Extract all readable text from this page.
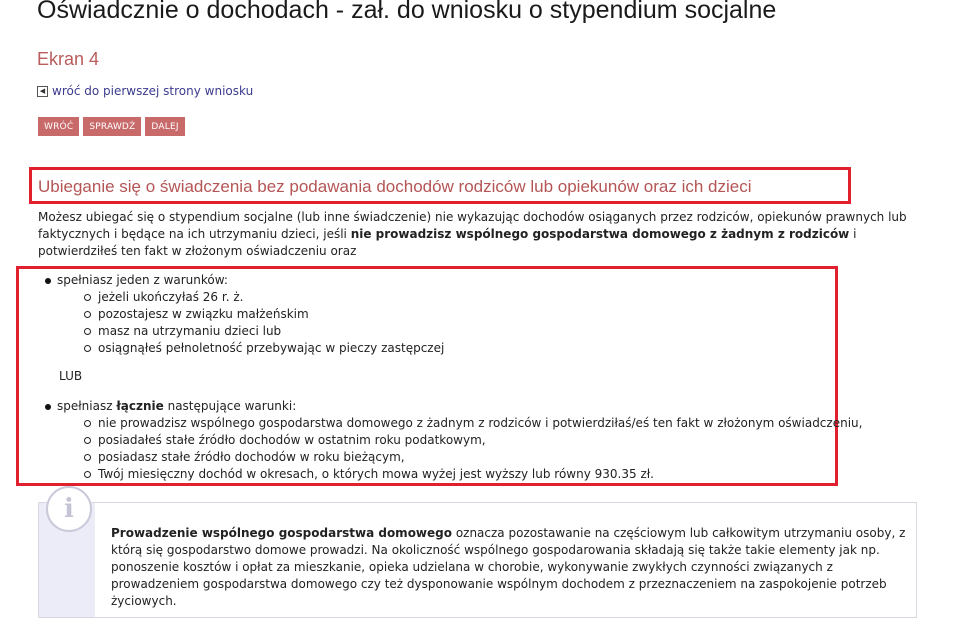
Oświadcznie o dochodach - zał. do wniosku o stypendium socjalne
Ekran 4
◀ wróć do pierwszej strony wniosku
WRÓĆ	SPRAWDŹ	DALEJ
Ubieganie się o świadczenia bez podawania dochodów rodziców lub opiekunów oraz ich dzieci

Możesz ubiegać się o stypendium socjalne (lub inne świadczenie) nie wykazując dochodów osiąganych przez rodziców, opiekunów prawnych lub faktycznych i będące na ich utrzymaniu dzieci, jeśli nie prowadzisz wspólnego gospodarstwa domowego z żadnym z rodziców i potwierdziłeś ten fakt w złożonym oświadczeniu oraz

spełniasz jeden z warunków:
jeżeli ukończyłaś 26 r. ż.
pozostajesz w związku małżeńskim
masz na utrzymaniu dzieci lub
osiągnąłeś pełnoletność przebywając w pieczy zastępczej
LUB
spełniasz łącznie następujące warunki:
nie prowadzisz wspólnego gospodarstwa domowego z żadnym z rodziców i potwierdziłaś/eś ten fakt w złożonym oświadczeniu,
posiadałeś stałe źródło dochodów w ostatnim roku podatkowym,
posiadasz stałe źródło dochodów w roku bieżącym,
Twój miesięczny dochód w okresach, o których mowa wyżej jest wyższy lub równy 930.35 zł.
i

Prowadzenie wspólnego gospodarstwa domowego oznacza pozostawanie na częściowym lub całkowitym utrzymaniu osoby, z którą się gospodarstwo domowe prowadzi. Na okoliczność wspólnego gospodarowania składają się także takie elementy jak np. ponoszenie kosztów i opłat za mieszkanie, opieka udzielana w chorobie, wykonywanie zwykłych czynności związanych z prowadzeniem gospodarstwa domowego czy też dysponowanie wspólnym dochodem z przeznaczeniem na zaspokojenie potrzeb życiowych.
